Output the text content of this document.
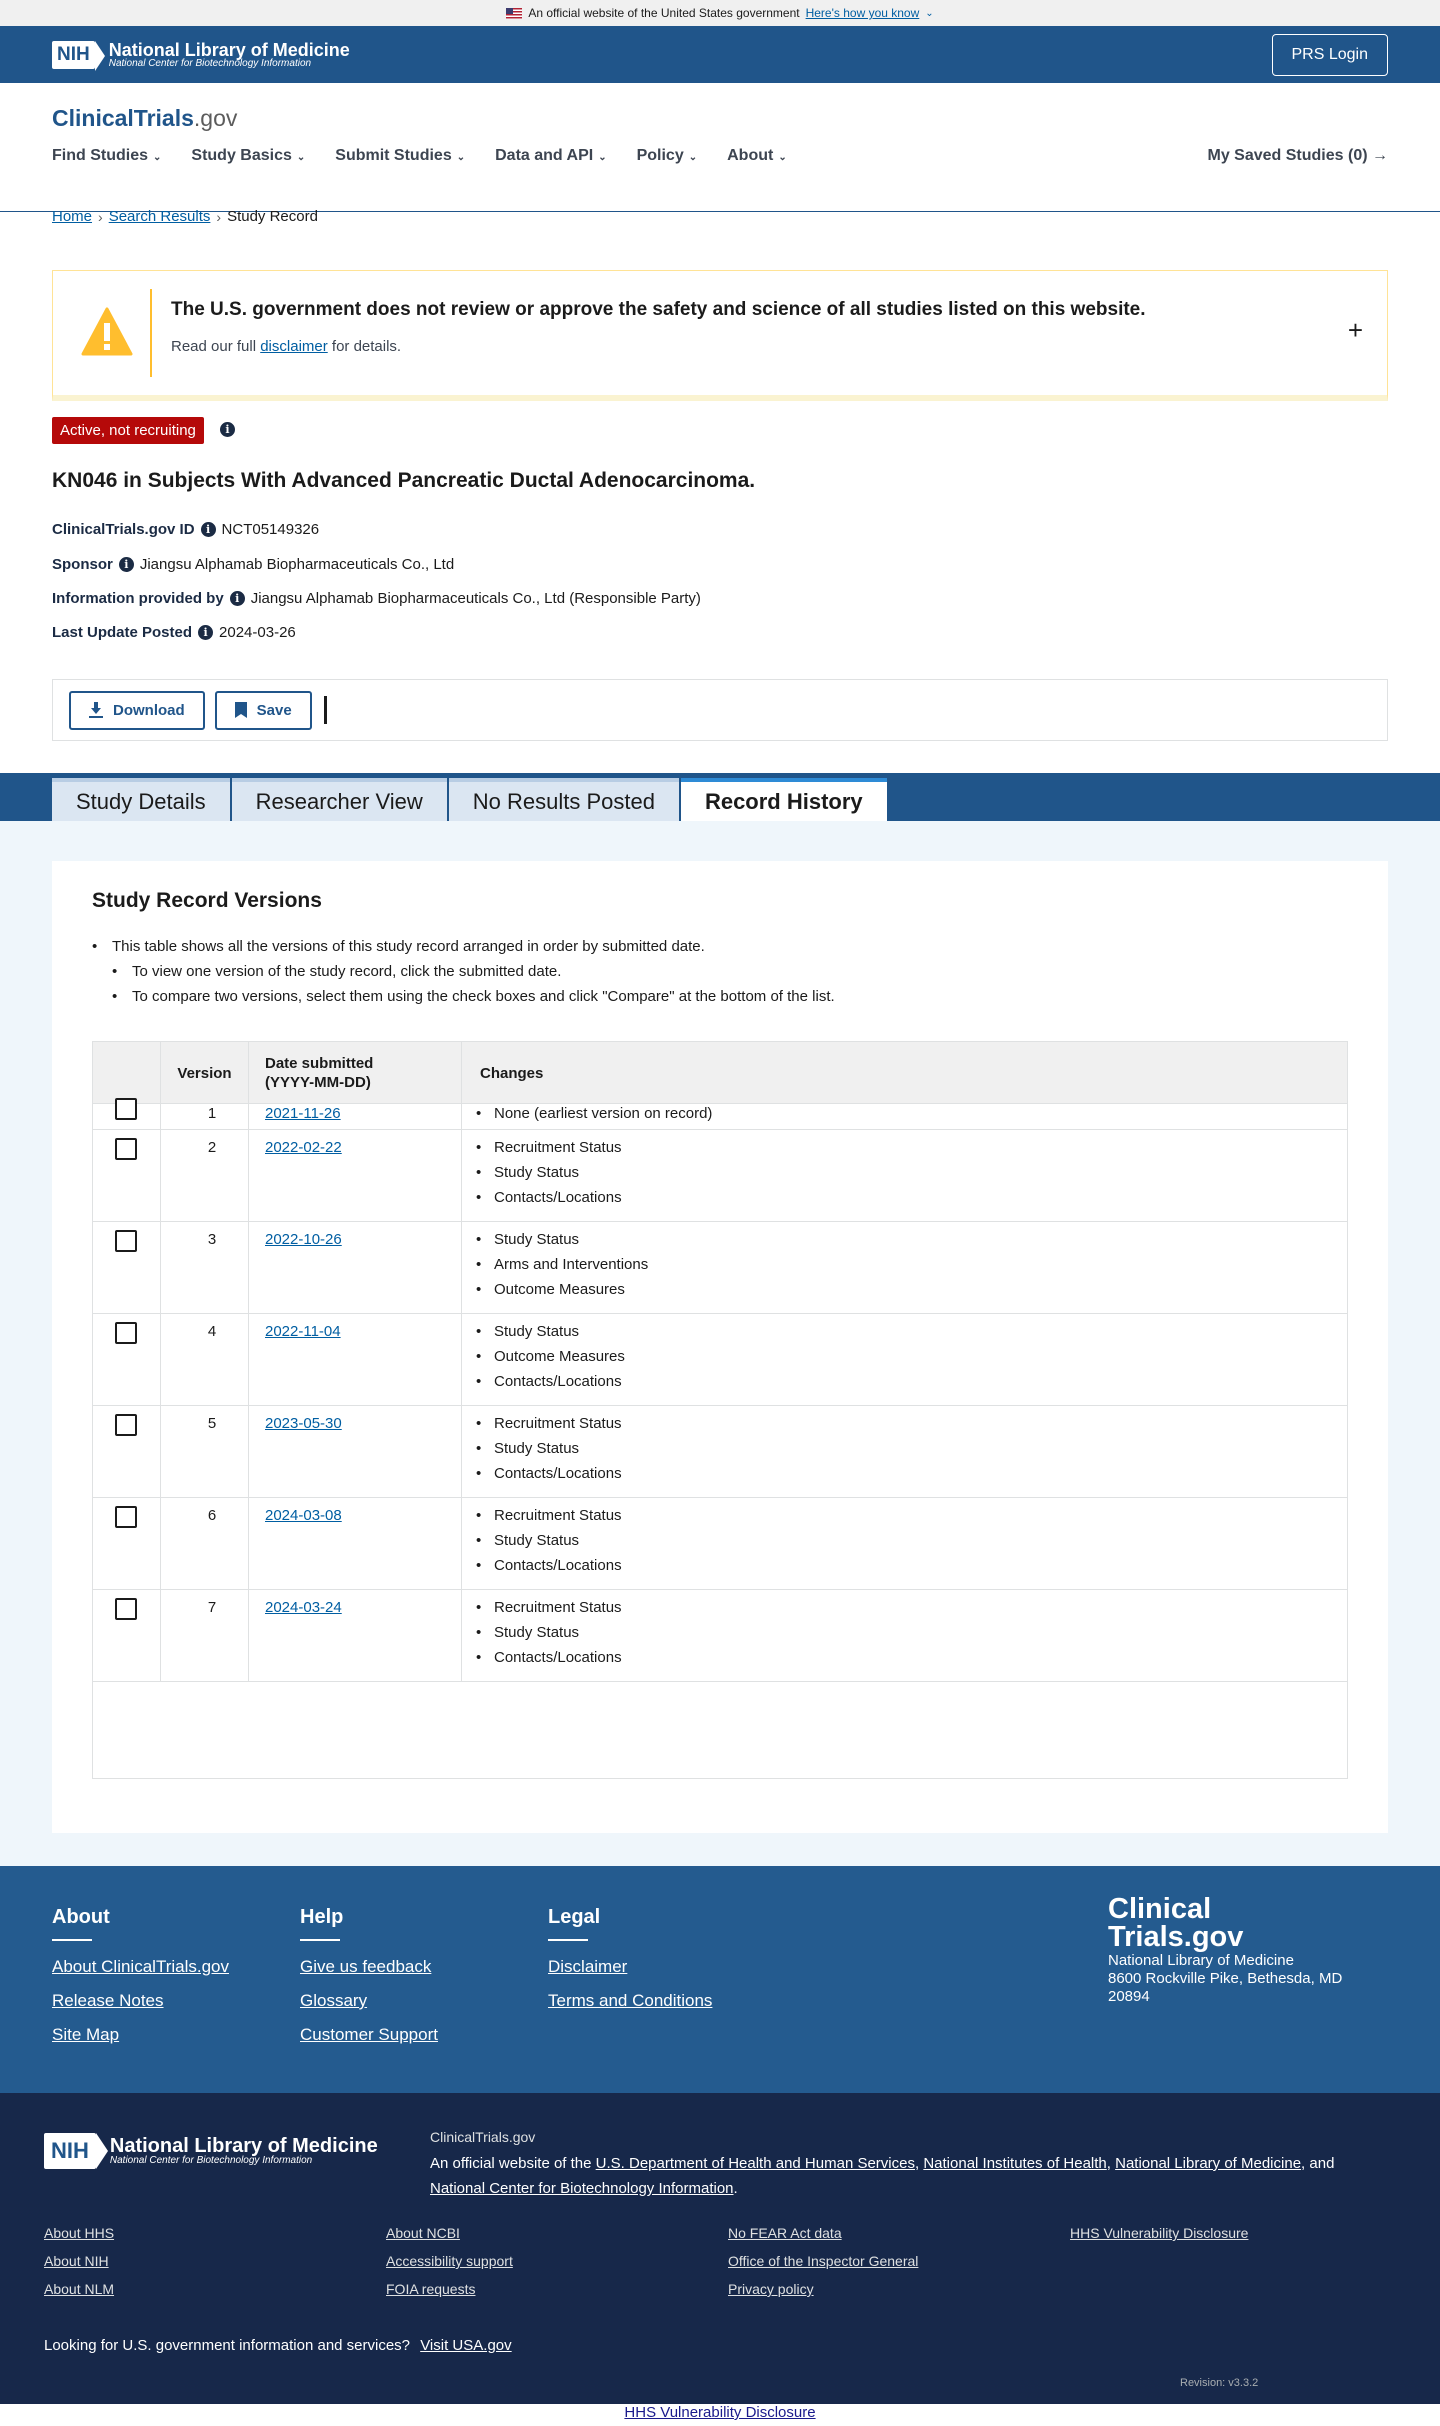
An official website of the United States government Here's how you know ⌄
NIH National Library of Medicine
National Center for Biotechnology Information
PRS Login
ClinicalTrials.gov
Find Studies ⌄ Study Basics ⌄ Submit Studies ⌄ Data and API ⌄ Policy ⌄ About ⌄	My Saved Studies (0) →
Home › Search Results › Study Record
The U.S. government does not review or approve the safety and science of all studies listed on this website.
Read our full disclaimer for details.
+
Active, not recruiting	i
KN046 in Subjects With Advanced Pancreatic Ductal Adenocarcinoma.
ClinicalTrials.gov ID	i NCT05149326
Sponsor	i Jiangsu Alphamab Biopharmaceuticals Co., Ltd
Information provided by	i Jiangsu Alphamab Biopharmaceuticals Co., Ltd (Responsible Party)
Last Update Posted	i 2024-03-26
Download	Save
Study Details	Researcher View	No Results Posted	Record History
Study Record Versions
• This table shows all the versions of this study record arranged in order by submitted date.
• To view one version of the study record, click the submitted date.
• To compare two versions, select them using the check boxes and click "Compare" at the bottom of the list.
Version
Date submitted
(YYYY-MM-DD)
Changes
1	2021-11-26	• None (earliest version on record)
2	2022-02-22	• Recruitment Status
• Study Status
• Contacts/Locations
3	2022-10-26	• Study Status
• Arms and Interventions
• Outcome Measures
4	2022-11-04	• Study Status
• Outcome Measures
• Contacts/Locations
5	2023-05-30	• Recruitment Status
• Study Status
• Contacts/Locations
6	2024-03-08	• Recruitment Status
• Study Status
• Contacts/Locations
7	2024-03-24	• Recruitment Status
• Study Status
• Contacts/Locations
About
About ClinicalTrials.gov
Release Notes
Site Map
Help
Give us feedback
Glossary
Customer Support
Legal
Disclaimer
Terms and Conditions
Clinical
Trials.gov
National Library of Medicine
8600 Rockville Pike, Bethesda, MD
20894
NIH	National Library of Medicine
National Center for Biotechnology Information
ClinicalTrials.gov
An official website of the U.S. Department of Health and Human Services, National Institutes of Health, National Library of Medicine, and National Center for Biotechnology Information.
About HHS
About NIH
About NLM
About NCBI
Accessibility support
FOIA requests
No FEAR Act data
Office of the Inspector General
Privacy policy
HHS Vulnerability Disclosure
Looking for U.S. government information and services? Visit USA.gov
Revision: v3.3.2
HHS Vulnerability Disclosure
